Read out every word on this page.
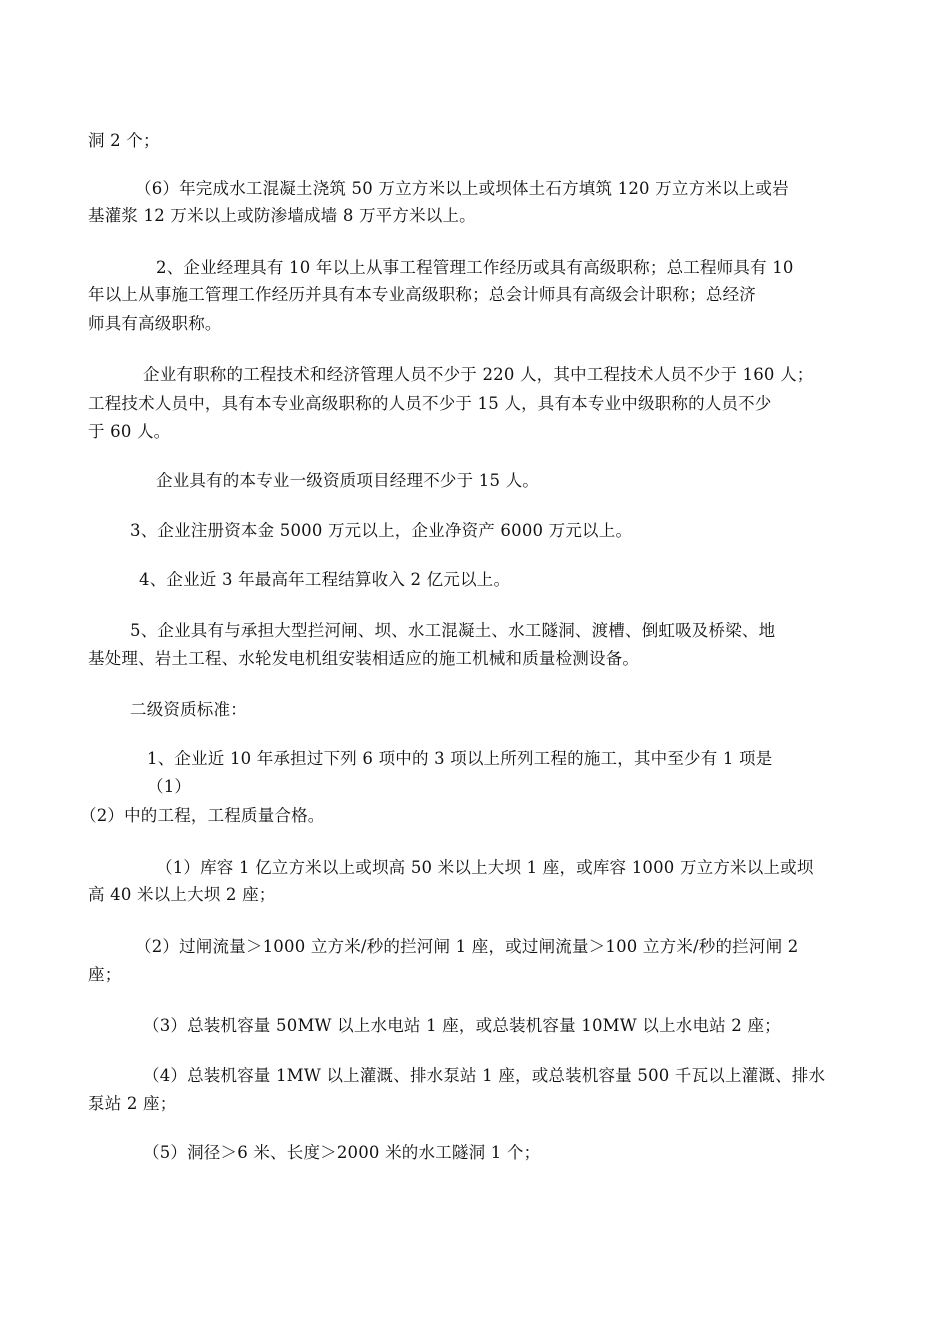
洞 2 个；
（6）年完成水工混凝土浇筑 50 万立方米以上或坝体土石方填筑 120 万立方米以上或岩
基灌浆 12 万米以上或防渗墙成墙 8 万平方米以上。
2、企业经理具有 10 年以上从事工程管理工作经历或具有高级职称；总工程师具有 10
年以上从事施工管理工作经历并具有本专业高级职称；总会计师具有高级会计职称；总经济
师具有高级职称。
企业有职称的工程技术和经济管理人员不少于 220 人，其中工程技术人员不少于 160 人；
工程技术人员中，具有本专业高级职称的人员不少于 15 人，具有本专业中级职称的人员不少
于 60 人。
企业具有的本专业一级资质项目经理不少于 15 人。
3、企业注册资本金 5000 万元以上，企业净资产 6000 万元以上。
4、企业近 3 年最高年工程结算收入 2 亿元以上。
5、企业具有与承担大型拦河闸、坝、水工混凝土、水工隧洞、渡槽、倒虹吸及桥梁、地
基处理、岩土工程、水轮发电机组安装相适应的施工机械和质量检测设备。
二级资质标准：
1、企业近 10 年承担过下列 6 项中的 3 项以上所列工程的施工，其中至少有 1 项是
（1）
（2）中的工程，工程质量合格。
（1）库容 1 亿立方米以上或坝高 50 米以上大坝 1 座，或库容 1000 万立方米以上或坝
高 40 米以上大坝 2 座；
（2）过闸流量＞1000 立方米/秒的拦河闸 1 座，或过闸流量＞100 立方米/秒的拦河闸 2
座；
（3）总装机容量 50MW 以上水电站 1 座，或总装机容量 10MW 以上水电站 2 座；
（4）总装机容量 1MW 以上灌溉、排水泵站 1 座，或总装机容量 500 千瓦以上灌溉、排水
泵站 2 座；
（5）洞径＞6 米、长度＞2000 米的水工隧洞 1 个；
